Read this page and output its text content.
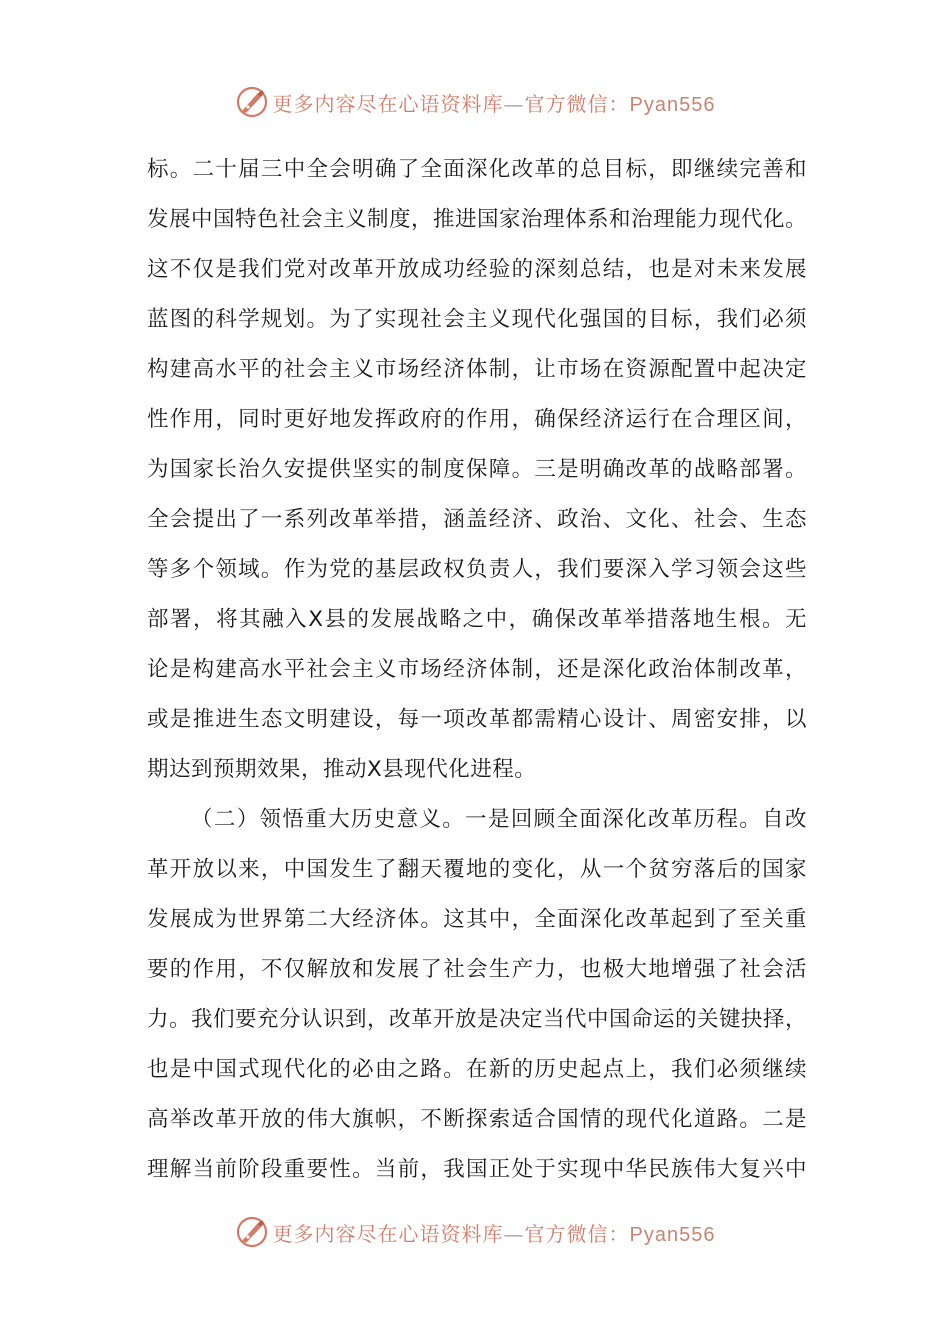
更多内容尽在心语资料库—官方微信：Pyan556
标。二十届三中全会明确了全面深化改革的总目标，即继续完善和
发展中国特色社会主义制度，推进国家治理体系和治理能力现代化。
这不仅是我们党对改革开放成功经验的深刻总结，也是对未来发展
蓝图的科学规划。为了实现社会主义现代化强国的目标，我们必须
构建高水平的社会主义市场经济体制，让市场在资源配置中起决定
性作用，同时更好地发挥政府的作用，确保经济运行在合理区间，
为国家长治久安提供坚实的制度保障。三是明确改革的战略部署。
全会提出了一系列改革举措，涵盖经济、政治、文化、社会、生态
等多个领域。作为党的基层政权负责人，我们要深入学习领会这些
部署，将其融入X县的发展战略之中，确保改革举措落地生根。无
论是构建高水平社会主义市场经济体制，还是深化政治体制改革，
或是推进生态文明建设，每一项改革都需精心设计、周密安排，以
期达到预期效果，推动X县现代化进程。
（二）领悟重大历史意义。一是回顾全面深化改革历程。自改
革开放以来，中国发生了翻天覆地的变化，从一个贫穷落后的国家
发展成为世界第二大经济体。这其中，全面深化改革起到了至关重
要的作用，不仅解放和发展了社会生产力，也极大地增强了社会活
力。我们要充分认识到，改革开放是决定当代中国命运的关键抉择，
也是中国式现代化的必由之路。在新的历史起点上，我们必须继续
高举改革开放的伟大旗帜，不断探索适合国情的现代化道路。二是
理解当前阶段重要性。当前，我国正处于实现中华民族伟大复兴中
更多内容尽在心语资料库—官方微信：Pyan556
